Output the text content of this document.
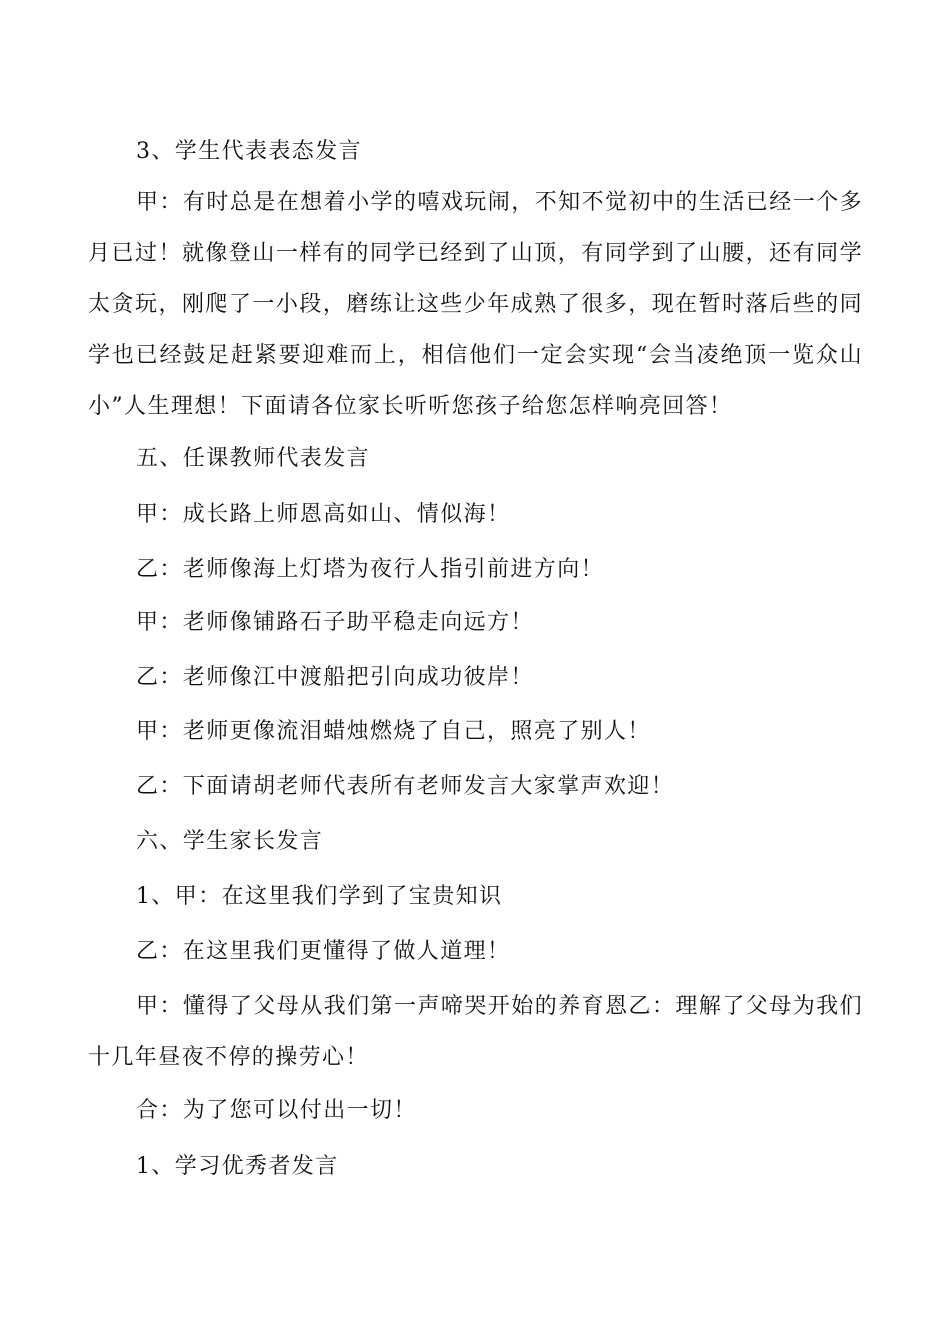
3、学生代表表态发言

甲：有时总是在想着小学的嘻戏玩闹，不知不觉初中的生活已经一个多月已过！就像登山一样有的同学已经到了山顶，有同学到了山腰，还有同学太贪玩，刚爬了一小段，磨练让这些少年成熟了很多，现在暂时落后些的同学也已经鼓足赶紧要迎难而上，相信他们一定会实现“会当凌绝顶一览众山小”人生理想！下面请各位家长听听您孩子给您怎样响亮回答！

五、任课教师代表发言

甲：成长路上师恩高如山、情似海！

乙：老师像海上灯塔为夜行人指引前进方向！

甲：老师像铺路石子助平稳走向远方！

乙：老师像江中渡船把引向成功彼岸！

甲：老师更像流泪蜡烛燃烧了自己，照亮了别人！

乙：下面请胡老师代表所有老师发言大家掌声欢迎！

六、学生家长发言

1、甲：在这里我们学到了宝贵知识

乙：在这里我们更懂得了做人道理！

甲：懂得了父母从我们第一声啼哭开始的养育恩乙：理解了父母为我们十几年昼夜不停的操劳心！

合：为了您可以付出一切！

1、学习优秀者发言
